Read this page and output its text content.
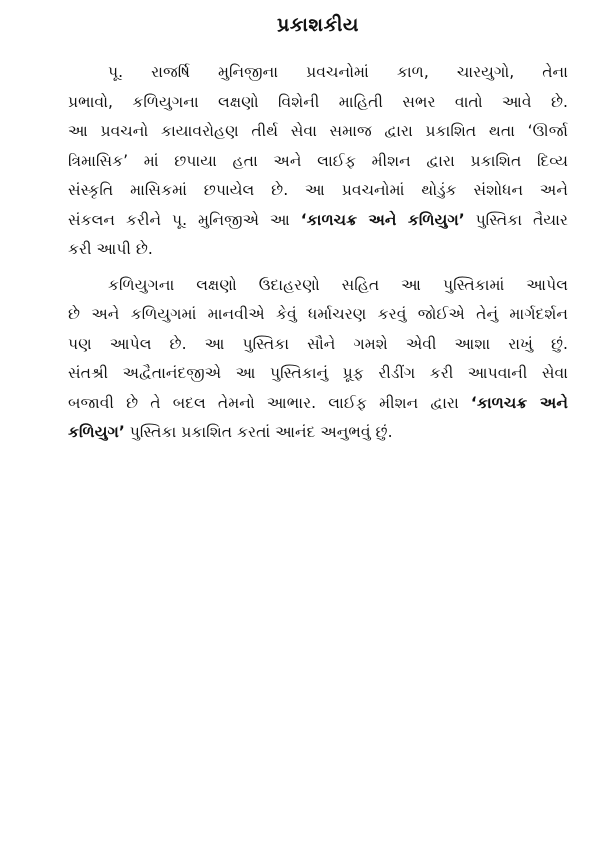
પ્રકાશકીય

પૂ. રાજર્ષિ મુનિજીના પ્રવચનોમાં કાળ, ચારયુગો, તેના
પ્રભાવો, કળિયુગના લક્ષણો વિશેની માહિતી સભર વાતો આવે છે.
આ પ્રવચનો કાયાવરોહણ તીર્થ સેવા સમાજ દ્વારા પ્રકાશિત થતા ‘ઊર્જા
ત્રિમાસિક’ માં છપાયા હતા અને લાઈફ મીશન દ્વારા પ્રકાશિત દિવ્ય
સંસ્કૃતિ માસિકમાં છપાયેલ છે. આ પ્રવચનોમાં થોડુંક સંશોધન અને
સંકલન કરીને પૂ. મુનિજીએ આ ‘કાળચક્ર અને કળિયુગ’ પુસ્તિકા તૈયાર
કરી આપી છે.

કળિયુગના લક્ષણો ઉદાહરણો સહિત આ પુસ્તિકામાં આપેલ
છે અને કળિયુગમાં માનવીએ કેવું ધર્માચરણ કરવું જોઈએ તેનું માર્ગદર્શન
પણ આપેલ છે. આ પુસ્તિકા સૌને ગમશે એવી આશા રાખું છું.
સંતશ્રી અદ્વૈતાનંદજીએ આ પુસ્તિકાનું પ્રૂફ રીડીંગ કરી આપવાની સેવા
બજાવી છે તે બદલ તેમનો આભાર. લાઈફ મીશન દ્વારા ‘કાળચક્ર અને
કળિયુગ’ પુસ્તિકા પ્રકાશિત કરતાં આનંદ અનુભવું છું.
